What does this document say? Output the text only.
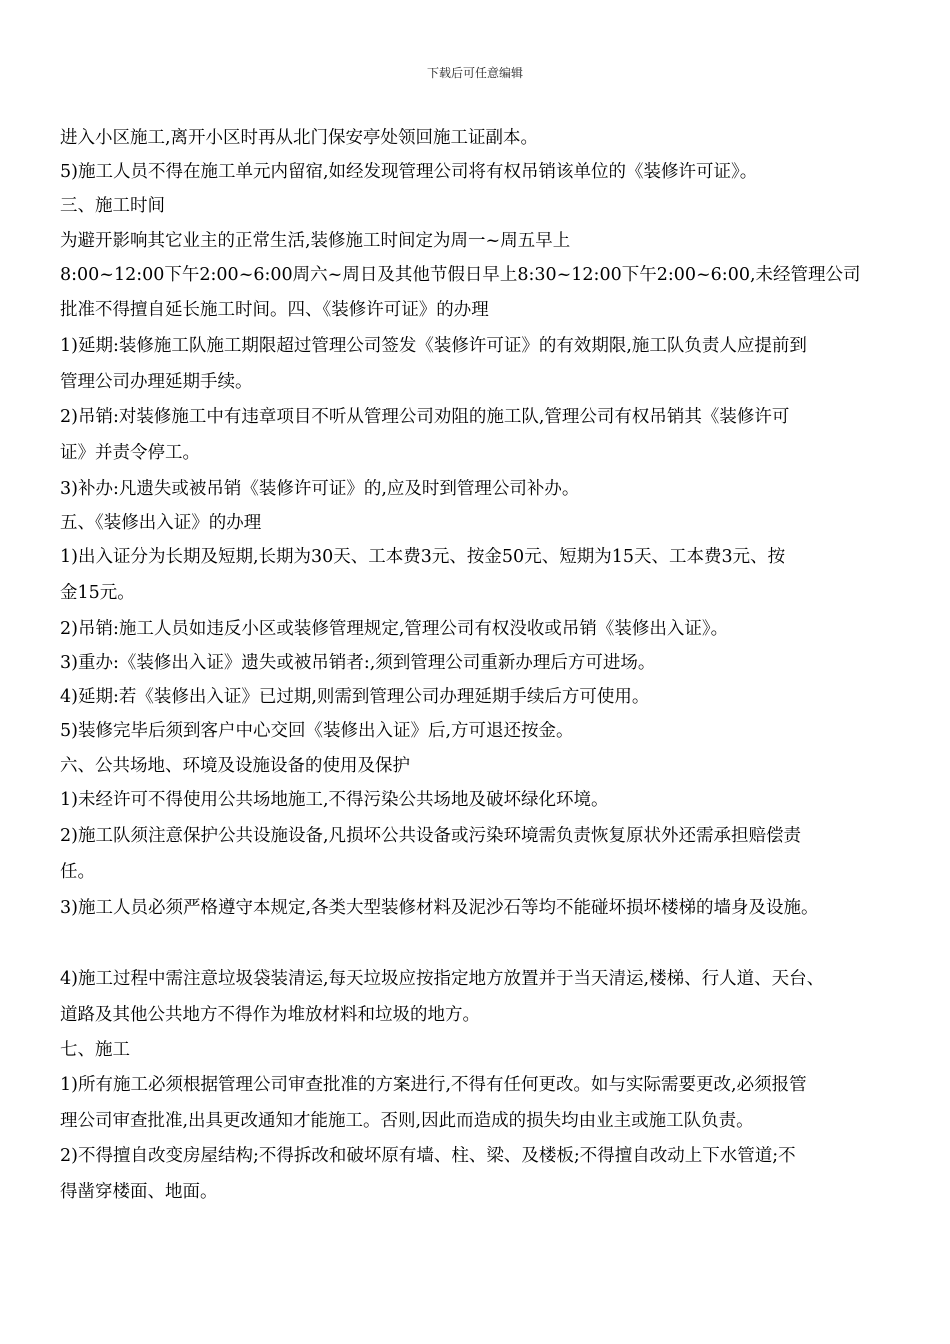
下载后可任意编辑
进入小区施工,离开小区时再从北门保安亭处领回施工证副本。
5)施工人员不得在施工单元内留宿,如经发现管理公司将有权吊销该单位的《装修许可证》。
三、施工时间
为避开影响其它业主的正常生活,装修施工时间定为周一~周五早上
8:00~12:00下午2:00~6:00周六~周日及其他节假日早上8:30~12:00下午2:00~6:00,未经管理公司
批准不得擅自延长施工时间。四、《装修许可证》的办理
1)延期:装修施工队施工期限超过管理公司签发《装修许可证》的有效期限,施工队负责人应提前到
管理公司办理延期手续。
2)吊销:对装修施工中有违章项目不听从管理公司劝阻的施工队,管理公司有权吊销其《装修许可
证》并责令停工。
3)补办:凡遗失或被吊销《装修许可证》的,应及时到管理公司补办。
五、《装修出入证》的办理
1)出入证分为长期及短期,长期为30天、工本费3元、按金50元、短期为15天、工本费3元、按
金15元。
2)吊销:施工人员如违反小区或装修管理规定,管理公司有权没收或吊销《装修出入证》。
3)重办:《装修出入证》遗失或被吊销者:,须到管理公司重新办理后方可进场。
4)延期:若《装修出入证》已过期,则需到管理公司办理延期手续后方可使用。
5)装修完毕后须到客户中心交回《装修出入证》后,方可退还按金。
六、公共场地、环境及设施设备的使用及保护
1)未经许可不得使用公共场地施工,不得污染公共场地及破坏绿化环境。
2)施工队须注意保护公共设施设备,凡损坏公共设备或污染环境需负责恢复原状外还需承担赔偿责
任。
3)施工人员必须严格遵守本规定,各类大型装修材料及泥沙石等均不能碰坏损坏楼梯的墙身及设施。
4)施工过程中需注意垃圾袋装清运,每天垃圾应按指定地方放置并于当天清运,楼梯、行人道、天台、
道路及其他公共地方不得作为堆放材料和垃圾的地方。
七、施工
1)所有施工必须根据管理公司审查批准的方案进行,不得有任何更改。如与实际需要更改,必须报管
理公司审查批准,出具更改通知才能施工。否则,因此而造成的损失均由业主或施工队负责。
2)不得擅自改变房屋结构;不得拆改和破坏原有墙、柱、梁、及楼板;不得擅自改动上下水管道;不
得凿穿楼面、地面。
